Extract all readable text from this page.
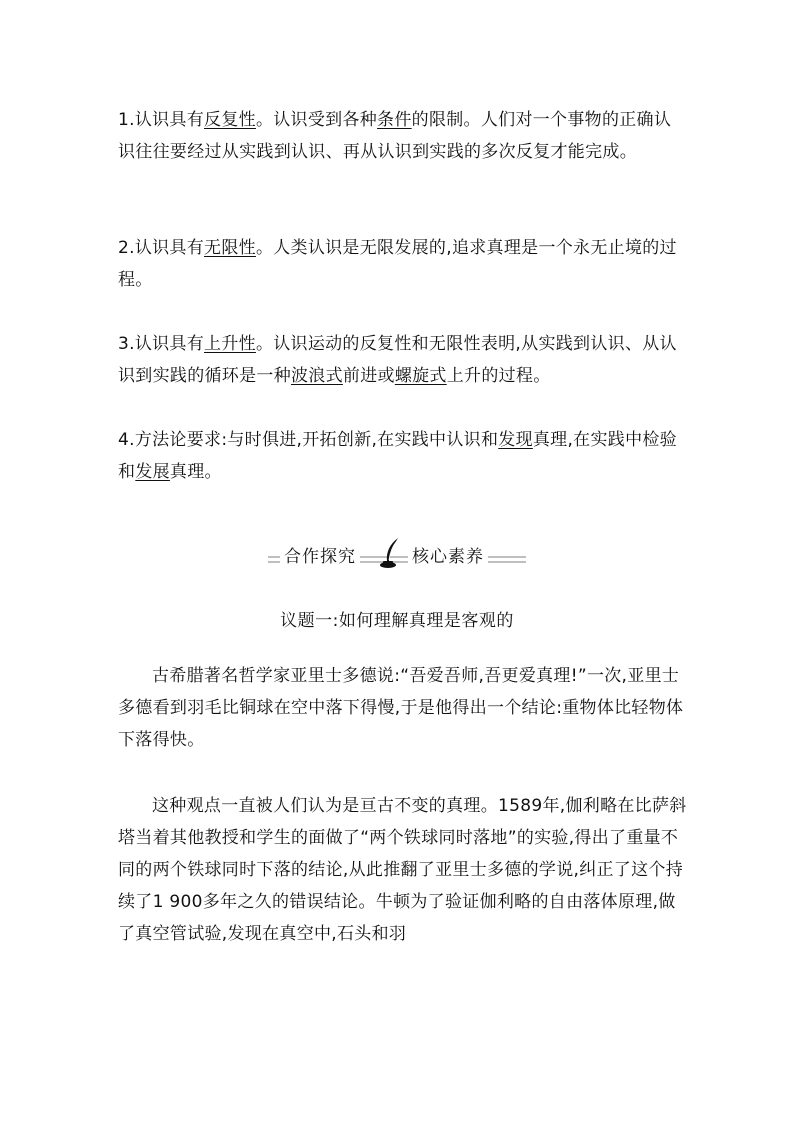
1.认识具有反复性。认识受到各种条件的限制。人们对一个事物的正确认识往往要经过从实践到认识、再从认识到实践的多次反复才能完成。

2.认识具有无限性。人类认识是无限发展的,追求真理是一个永无止境的过程。

3.认识具有上升性。认识运动的反复性和无限性表明,从实践到认识、从认识到实践的循环是一种波浪式前进或螺旋式上升的过程。

4.方法论要求:与时俱进,开拓创新,在实践中认识和发现真理,在实践中检验和发展真理。

合作探究	核心素养
议题一:如何理解真理是客观的

古希腊著名哲学家亚里士多德说:“吾爱吾师,吾更爱真理!”一次,亚里士多德看到羽毛比铜球在空中落下得慢,于是他得出一个结论:重物体比轻物体下落得快。

这种观点一直被人们认为是亘古不变的真理。1589年,伽利略在比萨斜塔当着其他教授和学生的面做了“两个铁球同时落地”的实验,得出了重量不同的两个铁球同时下落的结论,从此推翻了亚里士多德的学说,纠正了这个持续了1 900多年之久的错误结论。牛顿为了验证伽利略的自由落体原理,做了真空管试验,发现在真空中,石头和羽
